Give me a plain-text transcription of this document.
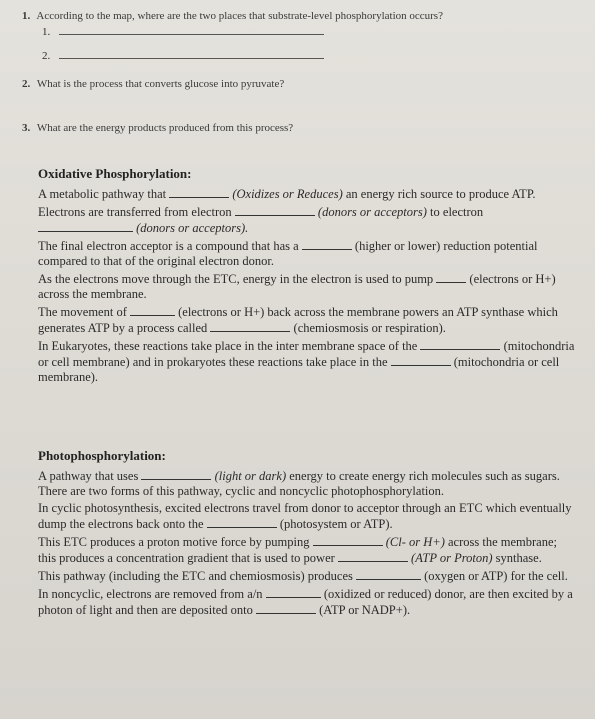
1. According to the map, where are the two places that substrate-level phosphorylation occurs?
1.
2.
2. What is the process that converts glucose into pyruvate?
3. What are the energy products produced from this process?
Oxidative Phosphorylation:

A metabolic pathway that	(Oxidizes or Reduces) an energy rich source to produce ATP.

Electrons are transferred from electron	(donors or acceptors) to electron  (donors or acceptors).

The final electron acceptor is a compound that has a	(higher or lower) reduction potential compared to that of the original electron donor.

As the electrons move through the ETC, energy in the electron is used to pump	(electrons or H+) across the membrane.

The movement of	(electrons or H+) back across the membrane powers an ATP synthase which generates ATP by a process called	(chemiosmosis or respiration).

In Eukaryotes, these reactions take place in the inter membrane space of the	(mitochondria or cell membrane) and in prokaryotes these reactions take place in the	(mitochondria or cell membrane).

Photophosphorylation:

A pathway that uses	(light or dark) energy to create energy rich molecules such as sugars. There are two forms of this pathway, cyclic and noncyclic photophosphorylation.

In cyclic photosynthesis, excited electrons travel from donor to acceptor through an ETC which eventually dump the electrons back onto the	(photosystem or ATP).

This ETC produces a proton motive force by pumping	(Cl- or H+) across the membrane; this produces a concentration gradient that is used to power	(ATP or Proton) synthase.

This pathway (including the ETC and chemiosmosis) produces	(oxygen or ATP) for the cell.

In noncyclic, electrons are removed from a/n	(oxidized or reduced) donor, are then excited by a photon of light and then are deposited onto	(ATP or NADP+).
